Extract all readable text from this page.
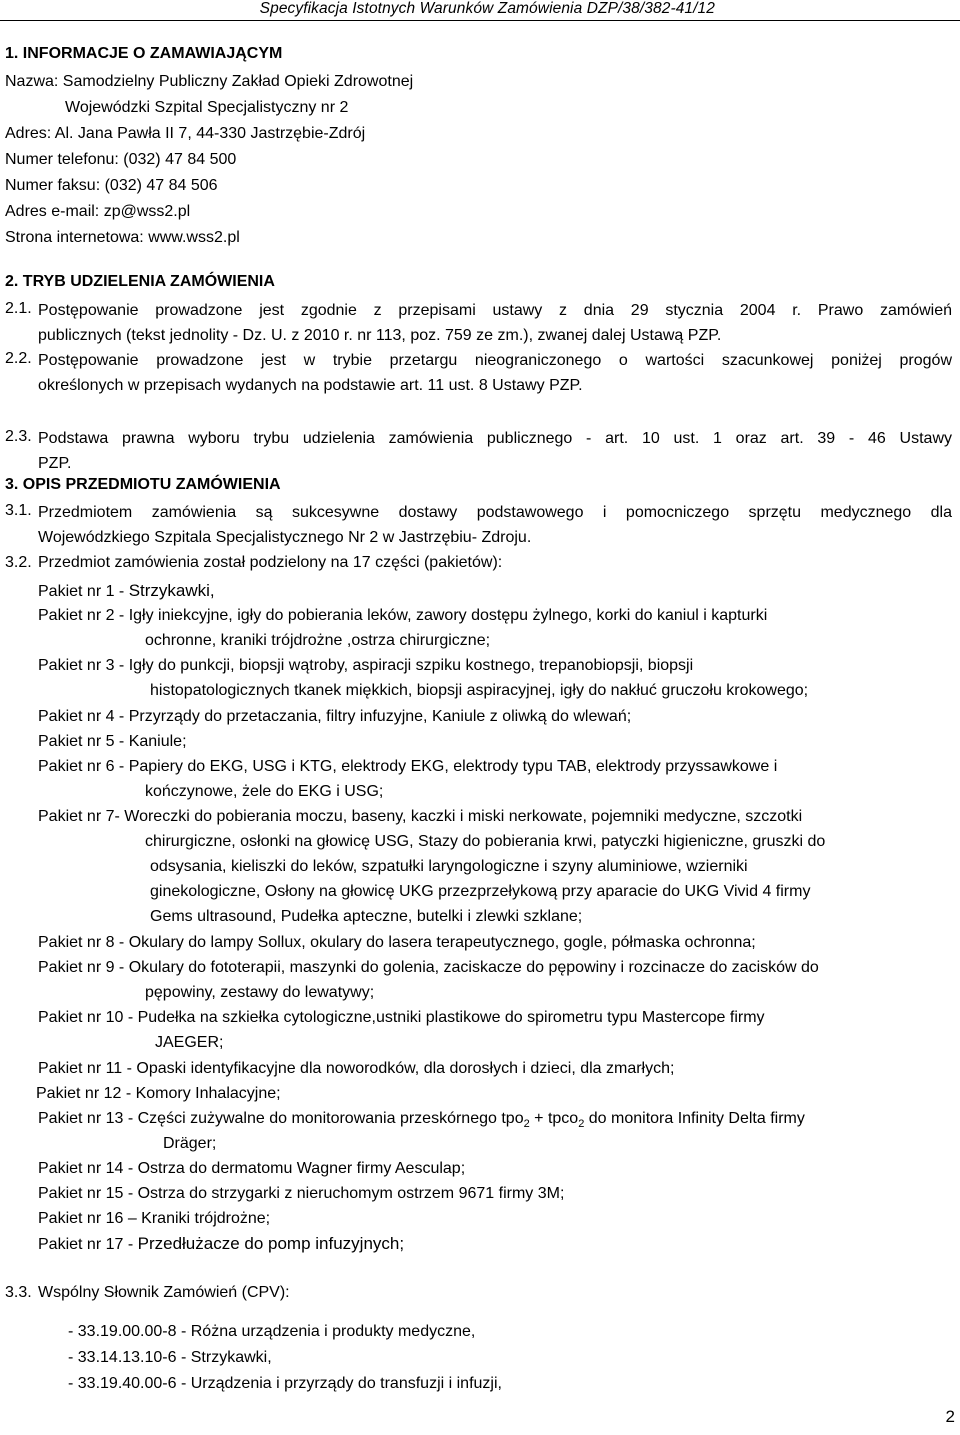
Specyfikacja Istotnych Warunków Zamówienia DZP/38/382-41/12
1. INFORMACJE O ZAMAWIAJĄCYM
Nazwa: Samodzielny Publiczny Zakład Opieki Zdrowotnej
Wojewódzki Szpital Specjalistyczny nr 2
Adres: Al. Jana Pawła II 7, 44-330 Jastrzębie-Zdrój
Numer telefonu: (032) 47 84 500
Numer faksu: (032) 47 84 506
Adres e-mail: zp@wss2.pl
Strona internetowa: www.wss2.pl
2. TRYB UDZIELENIA ZAMÓWIENIA
2.1. Postępowanie prowadzone jest zgodnie z przepisami ustawy z dnia 29 stycznia 2004 r. Prawo zamówień
publicznych (tekst jednolity - Dz. U. z 2010 r. nr 113, poz. 759 ze zm.), zwanej dalej Ustawą PZP.
2.2. Postępowanie prowadzone jest w trybie przetargu nieograniczonego o wartości szacunkowej poniżej progów
określonych w przepisach wydanych na podstawie art. 11 ust. 8 Ustawy PZP.
2.3. Podstawa prawna wyboru trybu udzielenia zamówienia publicznego - art. 10 ust. 1 oraz art. 39 - 46 Ustawy
PZP.
3. OPIS PRZEDMIOTU ZAMÓWIENIA
3.1. Przedmiotem zamówienia są sukcesywne dostawy podstawowego i pomocniczego sprzętu medycznego dla
Wojewódzkiego Szpitala Specjalistycznego Nr 2 w Jastrzębiu- Zdroju.
3.2. Przedmiot zamówienia został podzielony na 17 części (pakietów):
Pakiet nr 1 - Strzykawki,
Pakiet nr 2 - Igły iniekcyjne, igły do pobierania leków, zawory dostępu żylnego, korki do kaniul i kapturki
ochronne, kraniki trójdrożne ,ostrza chirurgiczne;
Pakiet nr 3 - Igły do punkcji, biopsji wątroby, aspiracji szpiku kostnego, trepanobiopsji, biopsji
histopatologicznych tkanek miękkich, biopsji aspiracyjnej, igły do nakłuć gruczołu krokowego;
Pakiet nr 4 - Przyrządy do przetaczania, filtry infuzyjne, Kaniule z oliwką do wlewań;
Pakiet nr 5 - Kaniule;
Pakiet nr 6 - Papiery do EKG, USG i KTG, elektrody EKG, elektrody typu TAB, elektrody przyssawkowe i
kończynowe, żele do EKG i USG;
Pakiet nr 7- Woreczki do pobierania moczu, baseny, kaczki i miski nerkowate, pojemniki medyczne, szczotki
chirurgiczne, osłonki na głowicę USG, Stazy do pobierania krwi, patyczki higieniczne, gruszki do
odsysania, kieliszki do leków, szpatułki laryngologiczne i szyny aluminiowe, wzierniki
ginekologiczne, Osłony na głowicę UKG przezprzełykową przy aparacie do UKG Vivid 4 firmy
Gems ultrasound, Pudełka apteczne, butelki i zlewki szklane;
Pakiet nr 8 - Okulary do lampy Sollux, okulary do lasera terapeutycznego, gogle, półmaska ochronna;
Pakiet nr 9 - Okulary do fototerapii, maszynki do golenia, zaciskacze do pępowiny i rozcinacze do zacisków do
pępowiny, zestawy do lewatywy;
Pakiet nr 10 - Pudełka na szkiełka cytologiczne,ustniki plastikowe do spirometru typu Mastercope firmy
JAEGER;
Pakiet nr 11 - Opaski identyfikacyjne dla noworodków, dla dorosłych i dzieci, dla zmarłych;
Pakiet nr 12 - Komory Inhalacyjne;
Pakiet nr 13 - Części zużywalne do monitorowania przeskórnego tpo$_2$ + tpco$_2$ do monitora Infinity Delta firmy
Dräger;
Pakiet nr 14 - Ostrza do dermatomu Wagner firmy Aesculap;
Pakiet nr 15 - Ostrza do strzygarki z nieruchomym ostrzem 9671 firmy 3M;
Pakiet nr 16 – Kraniki trójdrożne;
Pakiet nr 17 - Przedłużacze do pomp infuzyjnych;
3.3. Wspólny Słownik Zamówień (CPV):
- 33.19.00.00-8 - Różna urządzenia i produkty medyczne,
- 33.14.13.10-6 - Strzykawki,
- 33.19.40.00-6 - Urządzenia i przyrządy do transfuzji i infuzji,
2
